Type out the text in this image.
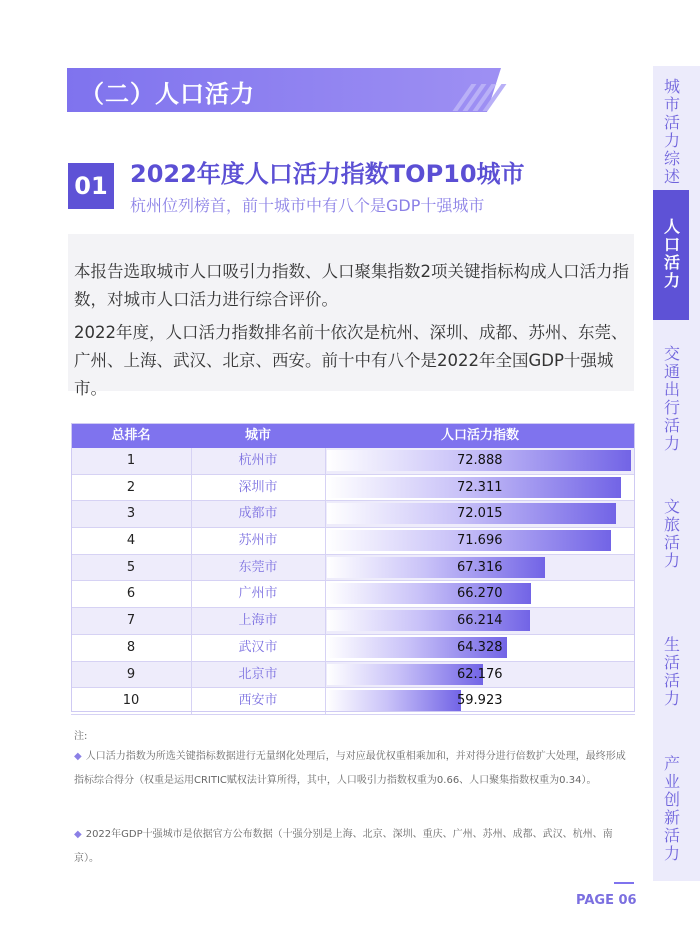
（二）人口活力
01 2022年度人口活力指数TOP10城市
杭州位列榜首，前十城市中有八个是GDP十强城市

本报告选取城市人口吸引力指数、人口聚集指数2项关键指标构成人口活力指数，对城市人口活力进行综合评价。

2022年度，人口活力指数排名前十依次是杭州、深圳、成都、苏州、东莞、广州、上海、武汉、北京、西安。前十中有八个是2022年全国GDP十强城市。

总排名	城市	人口活力指数
1	杭州市	72.888
2	深圳市	72.311
3	成都市	72.015
4	苏州市	71.696
5	东莞市	67.316
6	广州市	66.270
7	上海市	66.214
8	武汉市	64.328
9	北京市	62.176
10	西安市	59.923
注:
◆ 人口活力指数为所选关键指标数据进行无量纲化处理后，与对应最优权重相乘加和，并对得分进行倍数扩大处理，最终形成指标综合得分（权重是运用CRITIC赋权法计算所得，其中，人口吸引力指数权重为0.66、人口聚集指数权重为0.34）。
◆ 2022年GDP十强城市是依据官方公布数据（十强分别是上海、北京、深圳、重庆、广州、苏州、成都、武汉、杭州、南京）。
PAGE 06
城市活力综述
人口活力
交通出行活力
文旅活力
生活活力
产业创新活力
